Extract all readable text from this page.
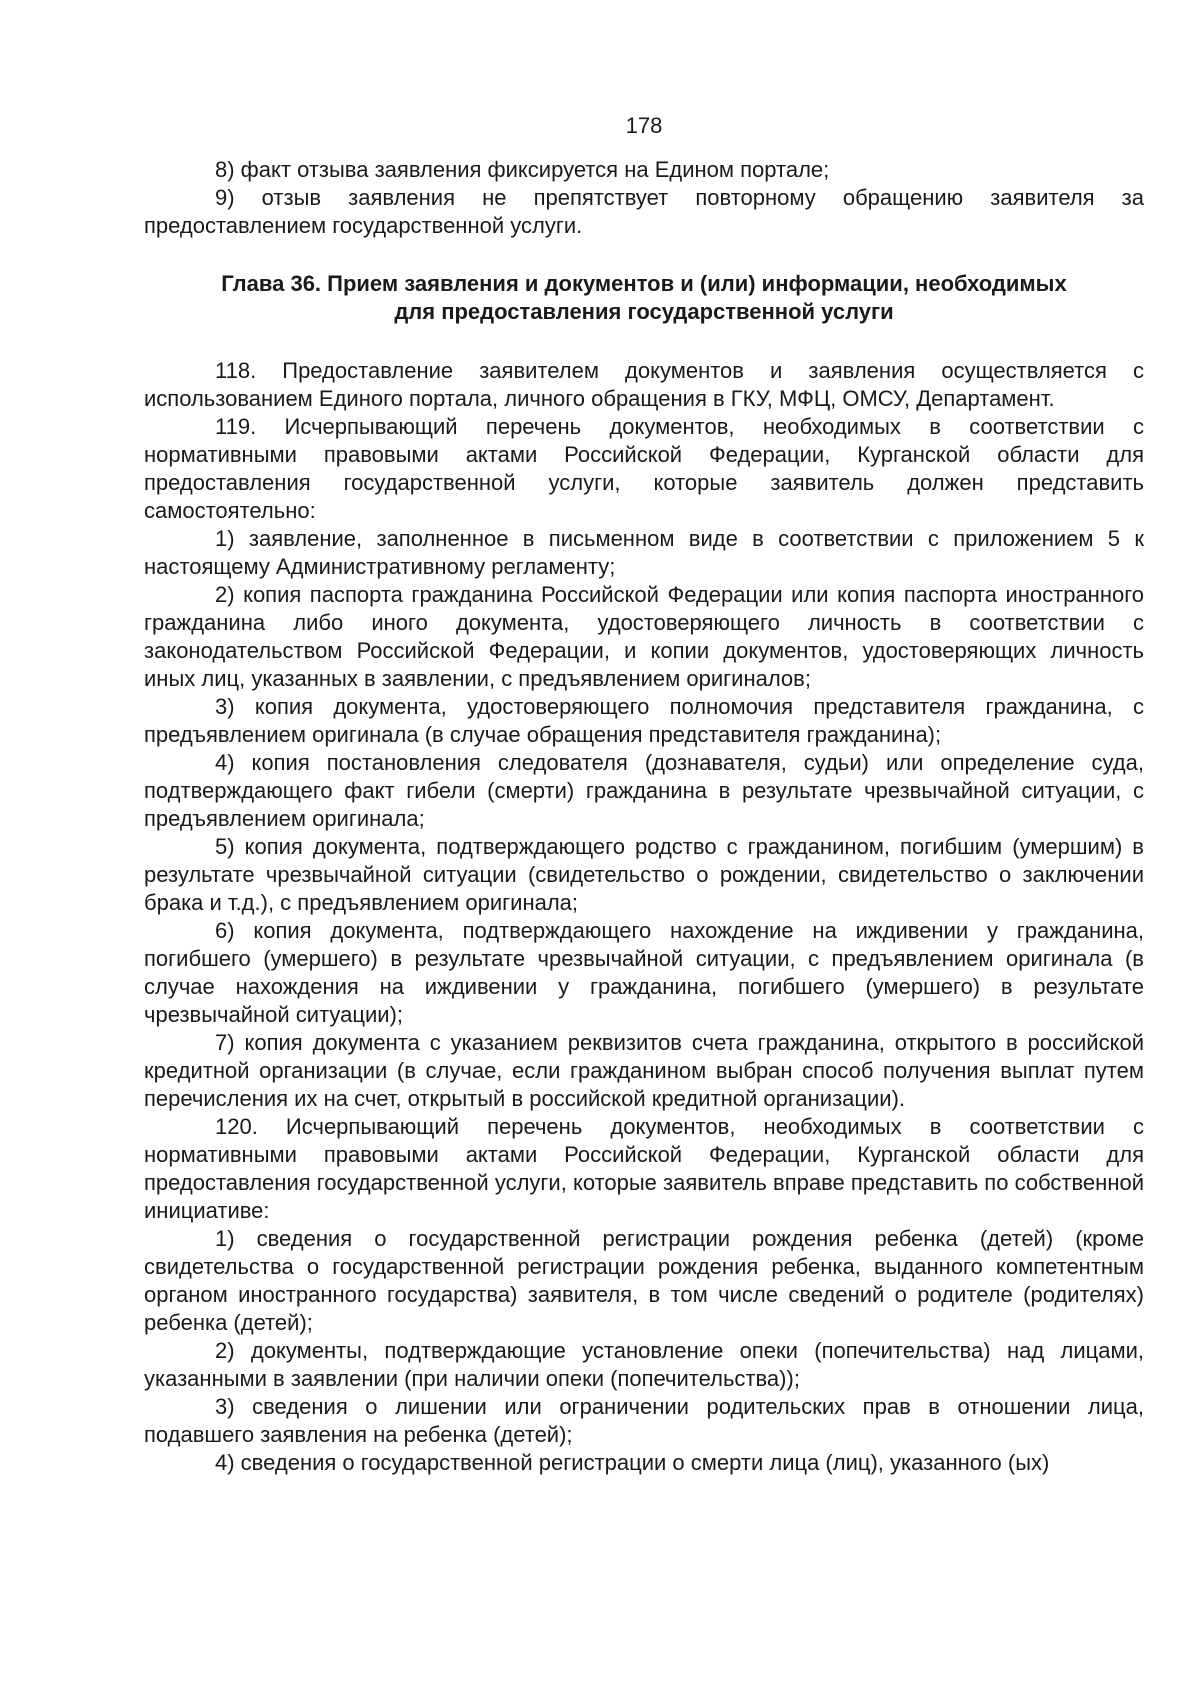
178

8) факт отзыва заявления фиксируется на Едином портале;

9) отзыв заявления не препятствует повторному обращению заявителя за предоставлением государственной услуги.

Глава 36. Прием заявления и документов и (или) информации, необходимых
для предоставления государственной услуги

118. Предоставление заявителем документов и заявления осуществляется с использованием Единого портала, личного обращения в ГКУ, МФЦ, ОМСУ, Департамент.

119. Исчерпывающий перечень документов, необходимых в соответствии с нормативными правовыми актами Российской Федерации, Курганской области для предоставления государственной услуги, которые заявитель должен представить самостоятельно:

1) заявление, заполненное в письменном виде в соответствии с приложением 5 к настоящему Административному регламенту;

2) копия паспорта гражданина Российской Федерации или копия паспорта иностранного гражданина либо иного документа, удостоверяющего личность в соответствии с законодательством Российской Федерации, и копии документов, удостоверяющих личность иных лиц, указанных в заявлении, с предъявлением оригиналов;

3) копия документа, удостоверяющего полномочия представителя гражданина, с предъявлением оригинала (в случае обращения представителя гражданина);

4) копия постановления следователя (дознавателя, судьи) или определение суда, подтверждающего факт гибели (смерти) гражданина в результате чрезвычайной ситуации, с предъявлением оригинала;

5) копия документа, подтверждающего родство с гражданином, погибшим (умершим) в результате чрезвычайной ситуации (свидетельство о рождении, свидетельство о заключении брака и т.д.), с предъявлением оригинала;

6) копия документа, подтверждающего нахождение на иждивении у гражданина, погибшего (умершего) в результате чрезвычайной ситуации, с предъявлением оригинала (в случае нахождения на иждивении у гражданина, погибшего (умершего) в результате чрезвычайной ситуации);

7) копия документа с указанием реквизитов счета гражданина, открытого в российской кредитной организации (в случае, если гражданином выбран способ получения выплат путем перечисления их на счет, открытый в российской кредитной организации).

120. Исчерпывающий перечень документов, необходимых в соответствии с нормативными правовыми актами Российской Федерации, Курганской области для предоставления государственной услуги, которые заявитель вправе представить по собственной инициативе:

1) сведения о государственной регистрации рождения ребенка (детей) (кроме свидетельства о государственной регистрации рождения ребенка, выданного компетентным органом иностранного государства) заявителя, в том числе сведений о родителе (родителях) ребенка (детей);

2) документы, подтверждающие установление опеки (попечительства) над лицами, указанными в заявлении (при наличии опеки (попечительства));

3) сведения о лишении или ограничении родительских прав в отношении лица, подавшего заявления на ребенка (детей);

4) сведения о государственной регистрации о смерти лица (лиц), указанного (ых)
